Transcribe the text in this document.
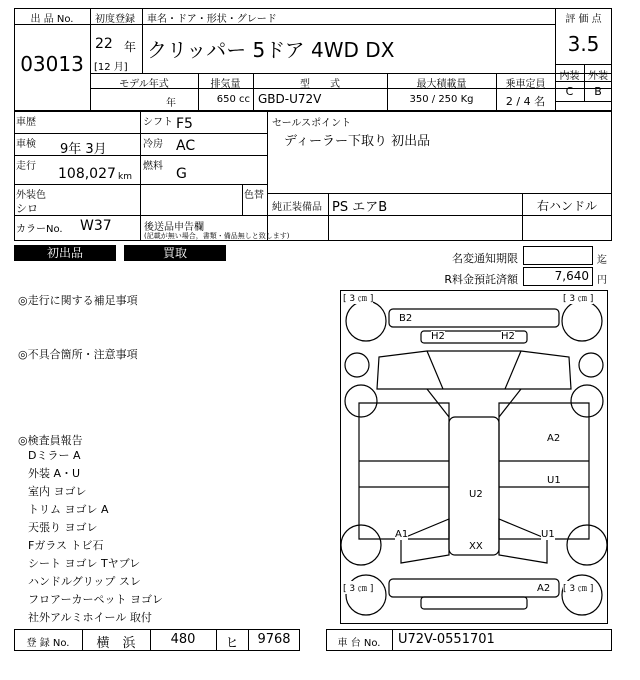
出 品 No.
03013
初度登録
22 年
[12 月]
車名・ドア・形状・グレード
クリッパー 5ドア 4WD DX
評 価 点
3.5
内装 外装
C	B
モデル年式	排気量	型　　式	最大積載量	乗車定員
年	650 cc GBD-U72V	350 / 250 Kg	2 / 4 名
車歴
車検 9年 3月
走行 108,027 km
シフト F5
冷房 AC
燃料 G
セールスポイント
ディーラー下取り 初出品
外装色
シロ
色替
純正装備品 PS エアB	右ハンドル
カラーNo. W37	後送品申告欄
(記載が無い場合，書類・備品無しと致します)
初出品	買取	名変通知期限	迄
R料金預託済額	7,640 円
◎走行に関する補足事項
◎不具合箇所・注意事項
◎検査員報告
Dミラー A
外装 A・U
室内 ヨゴレ
トリム ヨゴレ A
天張り ヨゴレ
Fガラス トビ石
シート ヨゴレ Tヤブレ
ハンドルグリップ スレ
フロアーカーペット ヨゴレ
社外アルミホイール 取付
[ 3 ㎝ ]	[ 3 ㎝ ]
[ 3 ㎝ ]	[ 3 ㎝ ]
B2
H2	H2
A2
U1
U2
A1	U1
XX
A2
登 録 No.	横　浜	480	ヒ	9768	車 台 No.	U72V-0551701
